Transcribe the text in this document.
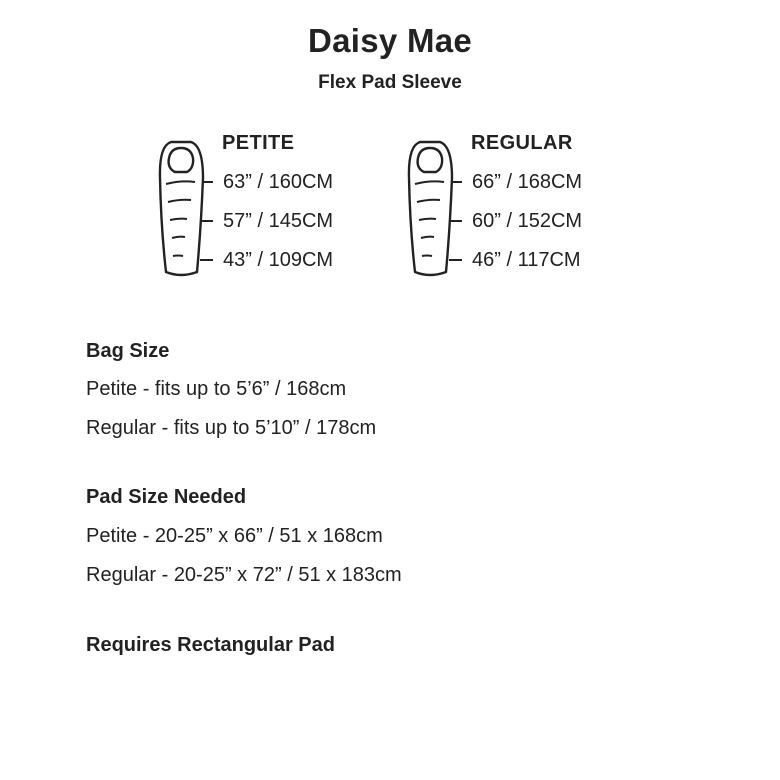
Daisy Mae
Flex Pad Sleeve
PETITE
63” / 160CM
57” / 145CM
43” / 109CM
REGULAR
66” / 168CM
60” / 152CM
46” / 117CM
Bag Size
Petite - fits up to 5’6” / 168cm
Regular - fits up to 5’10” / 178cm
Pad Size Needed
Petite - 20-25” x 66” / 51 x 168cm
Regular - 20-25” x 72” / 51 x 183cm
Requires Rectangular Pad
